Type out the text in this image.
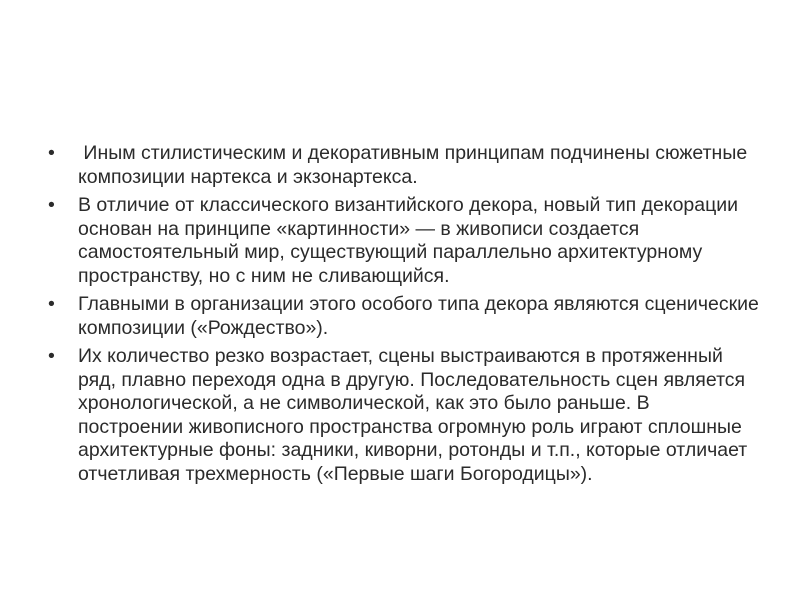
•	Иным стилистическим и декоративным принципам подчинены сюжетные композиции нартекса и экзонартекса.
•	В отличие от классического византийского декора, новый тип декорации основан на принципе «картинности» — в живописи создается самостоятельный мир, существующий параллельно архитектурному пространству, но с ним не сливающийся.
•	Главными в организации этого особого типа декора являются сценические композиции («Рождество»).
•	Их количество резко возрастает, сцены выстраиваются в протяженный ряд, плавно переходя одна в другую. Последовательность сцен является хронологической, а не символической, как это было раньше. В построении живописного пространства огромную роль играют сплошные архитектурные фоны: задники, киворни, ротонды и т.п., которые отличает отчетливая трехмерность («Первые шаги Богородицы»).
